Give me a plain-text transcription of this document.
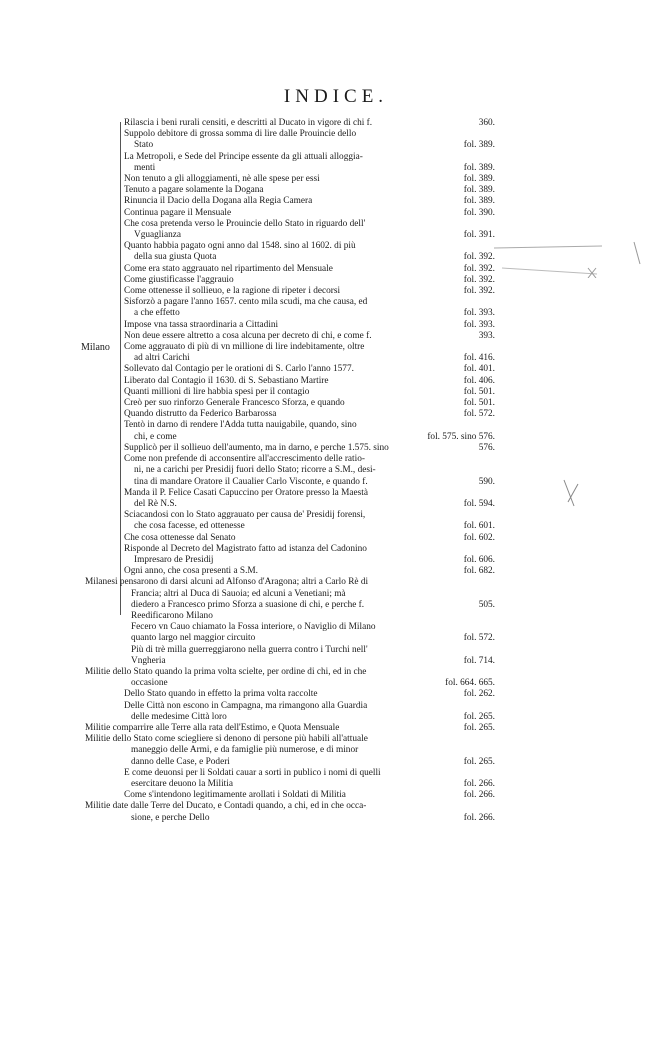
INDICE.
Milano
Rilascia i beni rurali censiti, e descritti al Ducato in vigore di chi f.	360.
Suppolo debitore di grossa somma di lire dalle Prouincie dello
Stato	fol. 389.
La Metropoli, e Sede del Principe essente da gli attuali alloggia-
menti	fol. 389.
Non tenuto a gli alloggiamenti, nè alle spese per essi	fol. 389.
Tenuto a pagare solamente la Dogana	fol. 389.
Rinuncia il Dacio della Dogana alla Regia Camera	fol. 389.
Continua pagare il Mensuale	fol. 390.
Che cosa pretenda verso le Prouincie dello Stato in riguardo dell'
Vguaglianza	fol. 391.
Quanto habbia pagato ogni anno dal 1548. sino al 1602. di più
della sua giusta Quota	fol. 392.
Come era stato aggrauato nel ripartimento del Mensuale	fol. 392.
Come giustificasse l'aggrauio	fol. 392.
Come ottenesse il sollieuo, e la ragione di ripeter i decorsi	fol. 392.
Sisforzò a pagare l'anno 1657. cento mila scudi, ma che causa, ed
a che effetto	fol. 393.
Impose vna tassa straordinaria a Cittadini	fol. 393.
Non deue essere altretto a cosa alcuna per decreto di chi, e come f.	393.
Come aggrauato di più di vn millione di lire indebitamente, oltre
ad altri Carichi	fol. 416.
Sollevato dal Contagio per le orationi di S. Carlo l'anno 1577.	fol. 401.
Liberato dal Contagio il 1630. di S. Sebastiano Martire	fol. 406.
Quanti millioni di lire habbia spesi per il contagio	fol. 501.
Creò per suo rinforzo Generale Francesco Sforza, e quando	fol. 501.
Quando distrutto da Federico Barbarossa	fol. 572.
Tentò in darno di rendere l'Adda tutta nauigabile, quando, sino
chi, e come	fol. 575. sino 576.
Supplicò per il sollieuo dell'aumento, ma in darno, e perche 1.575. sino	576.
Come non prefende di acconsentire all'accrescimento delle ratio-
ni, ne a carichi per Presidij fuori dello Stato; ricorre a S.M., desi-
tina di mandare Oratore il Caualier Carlo Visconte, e quando f.	590.
Manda il P. Felice Casati Capuccino per Oratore presso la Maestà
del Rè N.S.	fol. 594.
Sciacandosi con lo Stato aggrauato per causa de' Presidij forensi,
che cosa facesse, ed ottenesse	fol. 601.
Che cosa ottenesse dal Senato	fol. 602.
Risponde al Decreto del Magistrato fatto ad istanza del Cadonino
Impresaro de Presidij	fol. 606.
Ogni anno, che cosa presenti a S.M.	fol. 682.
Milanesi pensarono di darsi alcuni ad Alfonso d'Aragona; altri a Carlo Rè di
Francia; altri al Duca di Sauoia; ed alcuni a Venetiani; mà
diedero a Francesco primo Sforza a suasione di chi, e perche f.	505.
Reedificarono Milano
Fecero vn Cauo chiamato la Fossa interiore, o Naviglio di Milano
quanto largo nel maggior circuito	fol. 572.
Più di trè milla guerreggiarono nella guerra contro i Turchi nell'
Vngheria	fol. 714.
Militie dello Stato quando la prima volta scielte, per ordine di chi, ed in che
occasione	fol. 664. 665.
Dello Stato quando in effetto la prima volta raccolte	fol. 262.
Delle Città non escono in Campagna, ma rimangono alla Guardia
delle medesime Città loro	fol. 265.
Militie comparrire alle Terre alla rata dell'Estimo, e Quota Mensuale	fol. 265.
Militie dello Stato come sciegliere si denono di persone più habili all'attuale
maneggio delle Armi, e da famiglie più numerose, e di minor
danno delle Case, e Poderi	fol. 265.
E come deuonsi per li Soldati cauar a sorti in publico i nomi di quelli
esercitare deuono la Militia	fol. 266.
Come s'intendono legitimamente arollati i Soldati di Militia	fol. 266.
Militie date dalle Terre del Ducato, e Contadi quando, a chi, ed in che occa-
sione, e perche Dello	fol. 266.
